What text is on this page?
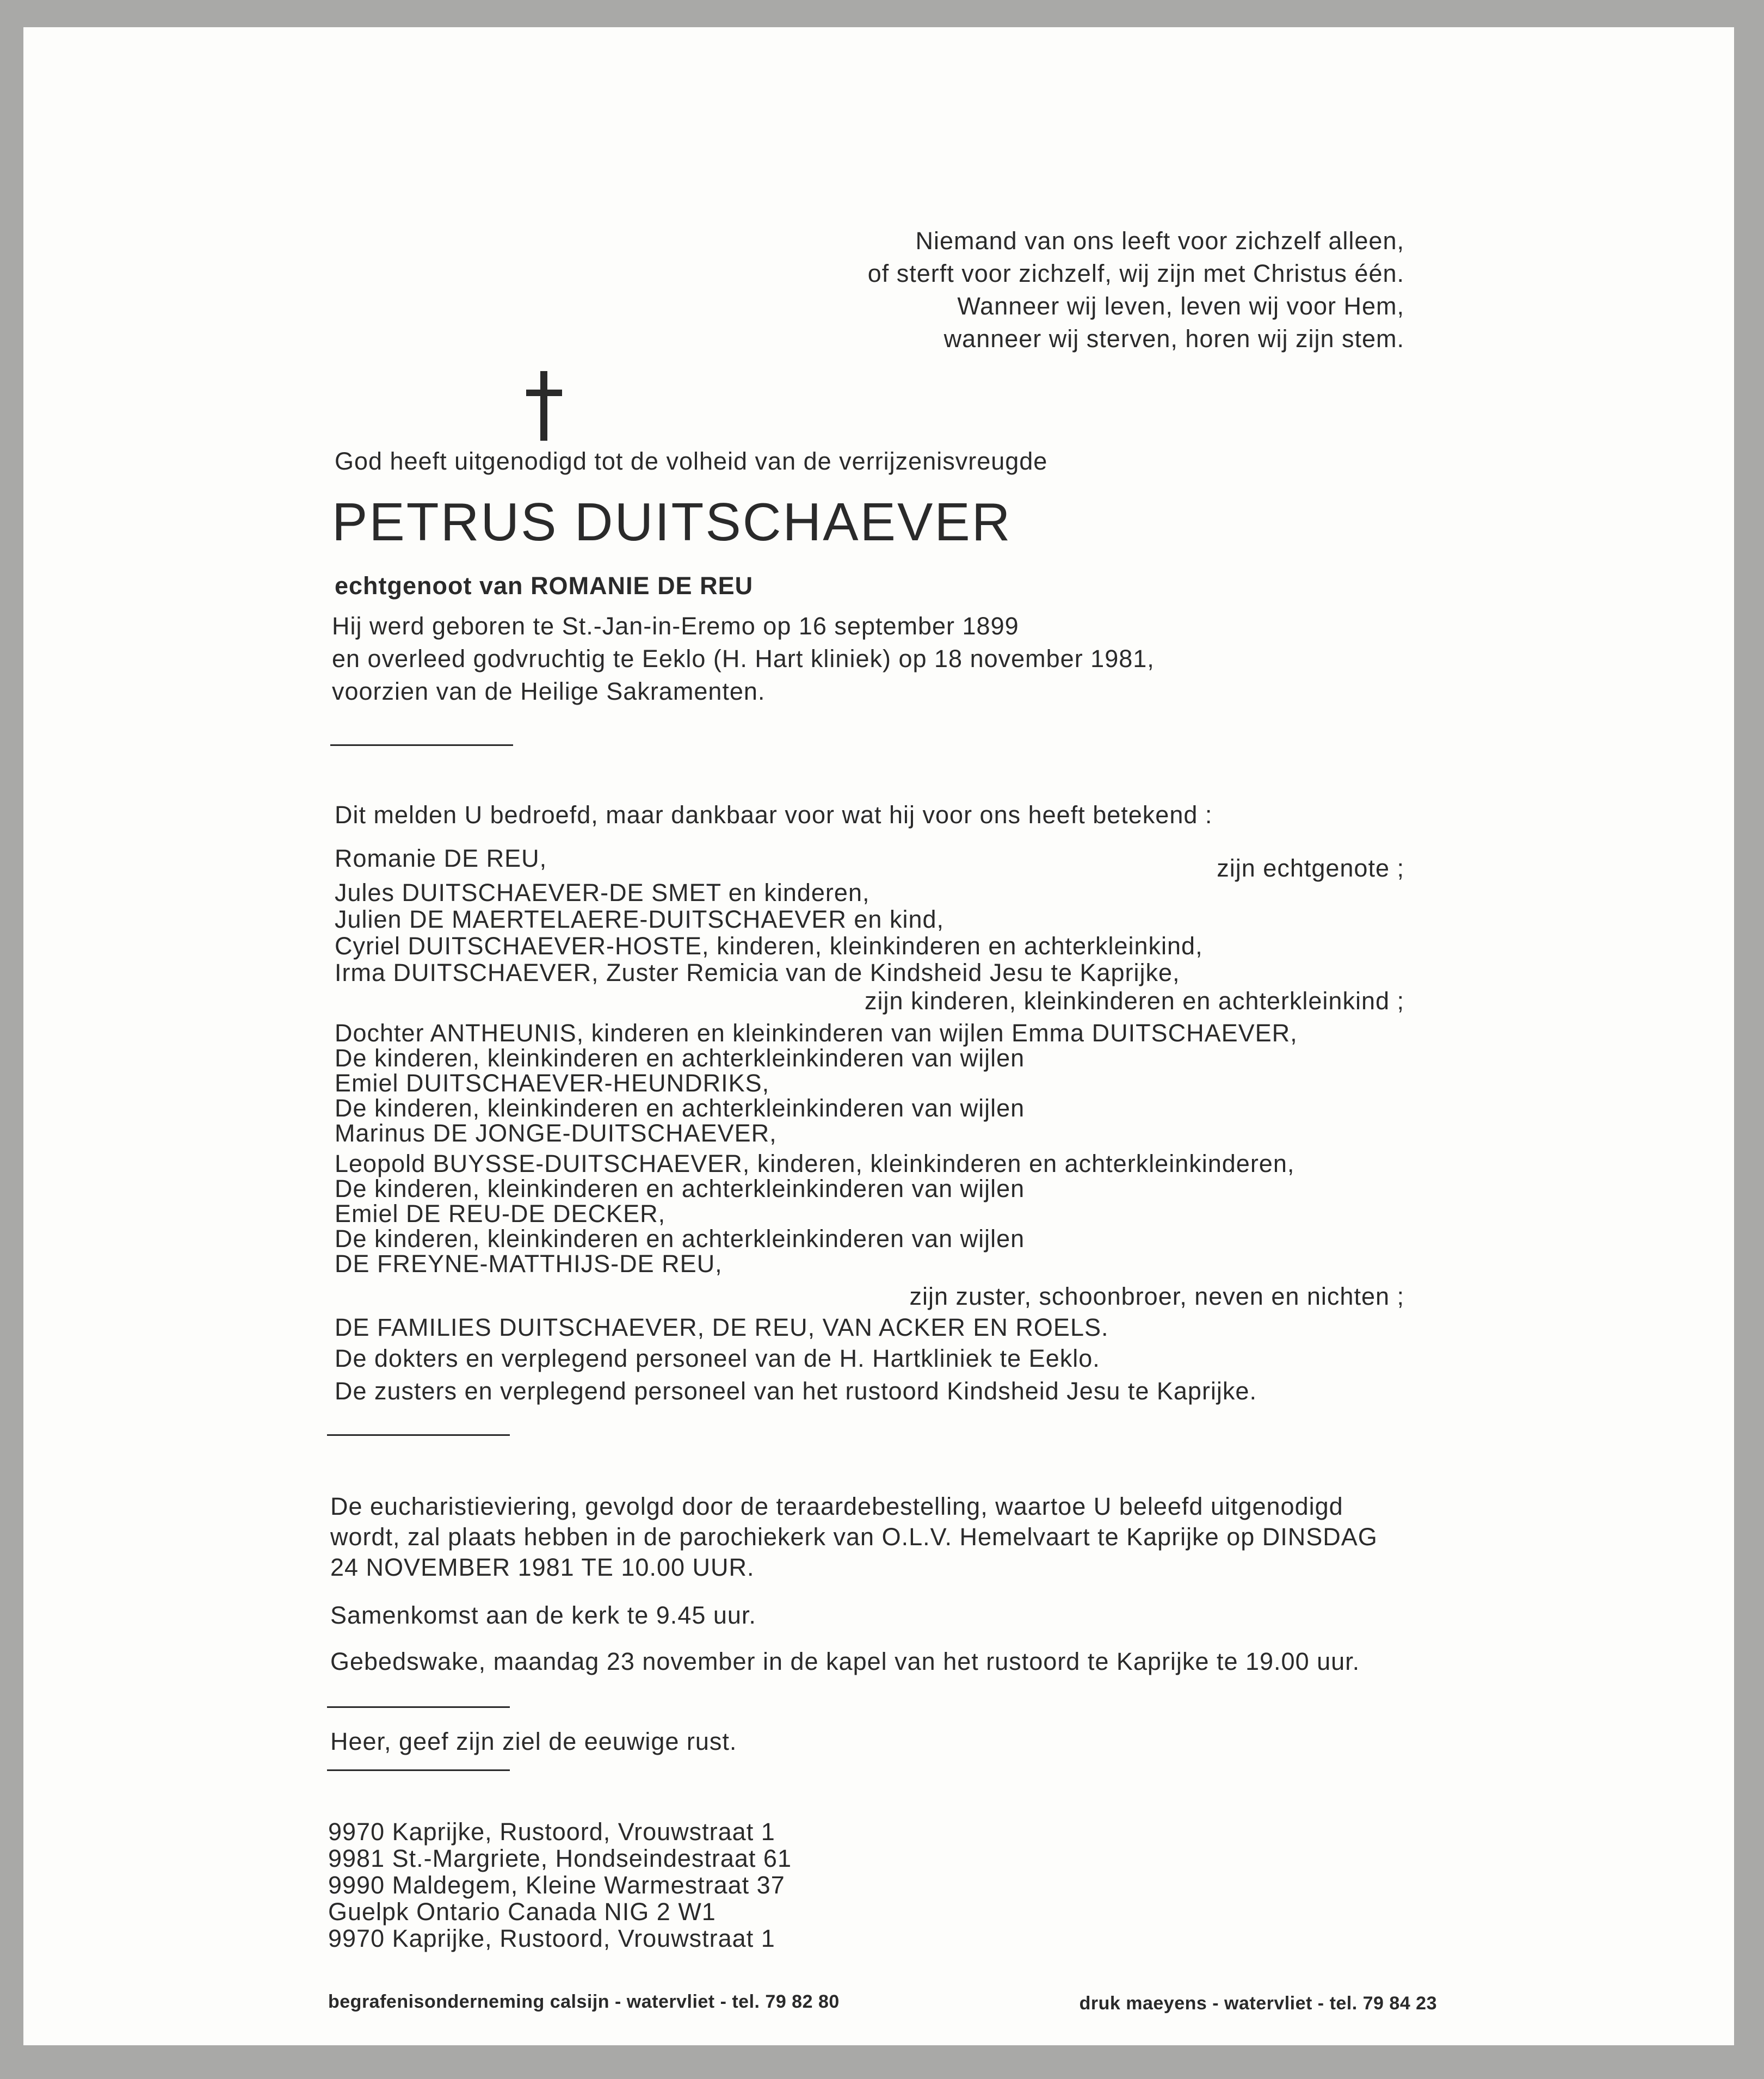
Niemand van ons leeft voor zichzelf alleen,
of sterft voor zichzelf, wij zijn met Christus één.
Wanneer wij leven, leven wij voor Hem,
wanneer wij sterven, horen wij zijn stem.
God heeft uitgenodigd tot de volheid van de verrijzenisvreugde
PETRUS DUITSCHAEVER
echtgenoot van ROMANIE DE REU
Hij werd geboren te St.-Jan-in-Eremo op 16 september 1899
en overleed godvruchtig te Eeklo (H. Hart kliniek) op 18 november 1981,
voorzien van de Heilige Sakramenten.
Dit melden U bedroefd, maar dankbaar voor wat hij voor ons heeft betekend :
Romanie DE REU,	zijn echtgenote ;
Jules DUITSCHAEVER-DE SMET en kinderen,
Julien DE MAERTELAERE-DUITSCHAEVER en kind,
Cyriel DUITSCHAEVER-HOSTE, kinderen, kleinkinderen en achterkleinkind,
Irma DUITSCHAEVER, Zuster Remicia van de Kindsheid Jesu te Kaprijke,
zijn kinderen, kleinkinderen en achterkleinkind ;
Dochter ANTHEUNIS, kinderen en kleinkinderen van wijlen Emma DUITSCHAEVER,
De kinderen, kleinkinderen en achterkleinkinderen van wijlen
Emiel DUITSCHAEVER-HEUNDRIKS,
De kinderen, kleinkinderen en achterkleinkinderen van wijlen
Marinus DE JONGE-DUITSCHAEVER,
Leopold BUYSSE-DUITSCHAEVER, kinderen, kleinkinderen en achterkleinkinderen,
De kinderen, kleinkinderen en achterkleinkinderen van wijlen
Emiel DE REU-DE DECKER,
De kinderen, kleinkinderen en achterkleinkinderen van wijlen
DE FREYNE-MATTHIJS-DE REU,
zijn zuster, schoonbroer, neven en nichten ;
DE FAMILIES DUITSCHAEVER, DE REU, VAN ACKER EN ROELS.
De dokters en verplegend personeel van de H. Hartkliniek te Eeklo.
De zusters en verplegend personeel van het rustoord Kindsheid Jesu te Kaprijke.
De eucharistieviering, gevolgd door de teraardebestelling, waartoe U beleefd uitgenodigd
wordt, zal plaats hebben in de parochiekerk van O.L.V. Hemelvaart te Kaprijke op DINSDAG
24 NOVEMBER 1981 TE 10.00 UUR.
Samenkomst aan de kerk te 9.45 uur.
Gebedswake, maandag 23 november in de kapel van het rustoord te Kaprijke te 19.00 uur.
Heer, geef zijn ziel de eeuwige rust.
9970 Kaprijke, Rustoord, Vrouwstraat 1
9981 St.-Margriete, Hondseindestraat 61
9990 Maldegem, Kleine Warmestraat 37
Guelpk Ontario Canada NIG 2 W1
9970 Kaprijke, Rustoord, Vrouwstraat 1
begrafenisonderneming calsijn - watervliet - tel. 79 82 80	druk maeyens - watervliet - tel. 79 84 23
